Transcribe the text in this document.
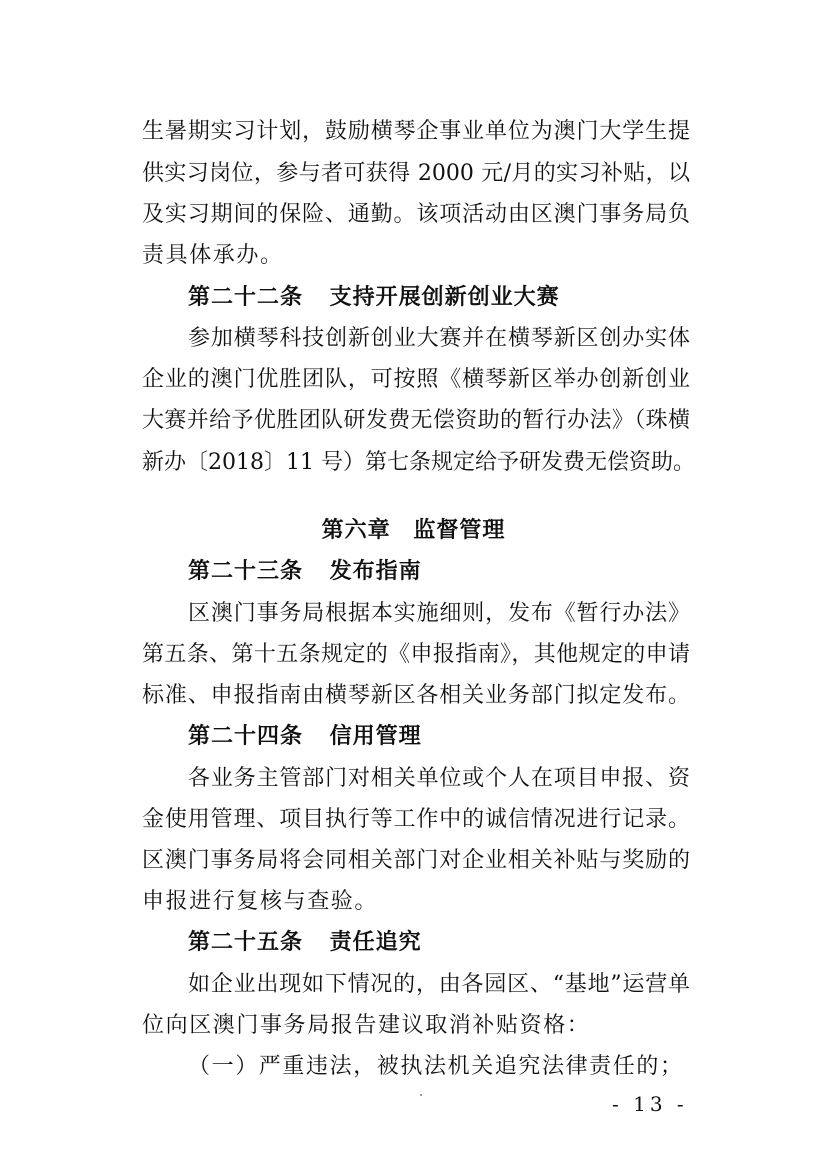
生暑期实习计划，鼓励横琴企事业单位为澳门大学生提
供实习岗位，参与者可获得 2000 元/月的实习补贴，以
及实习期间的保险、通勤。该项活动由区澳门事务局负
责具体承办。
第二十二条 支持开展创新创业大赛
参加横琴科技创新创业大赛并在横琴新区创办实体
企业的澳门优胜团队，可按照《横琴新区举办创新创业
大赛并给予优胜团队研发费无偿资助的暂行办法》（珠横
新办〔2018〕11 号）第七条规定给予研发费无偿资助。
第六章 监督管理
第二十三条 发布指南
区澳门事务局根据本实施细则，发布《暂行办法》
第五条、第十五条规定的《申报指南》，其他规定的申请
标准、申报指南由横琴新区各相关业务部门拟定发布。
第二十四条 信用管理
各业务主管部门对相关单位或个人在项目申报、资
金使用管理、项目执行等工作中的诚信情况进行记录。
区澳门事务局将会同相关部门对企业相关补贴与奖励的
申报进行复核与查验。
第二十五条 责任追究
如企业出现如下情况的，由各园区、“基地”运营单
位向区澳门事务局报告建议取消补贴资格：
（一）严重违法，被执法机关追究法律责任的；
- 13 -
